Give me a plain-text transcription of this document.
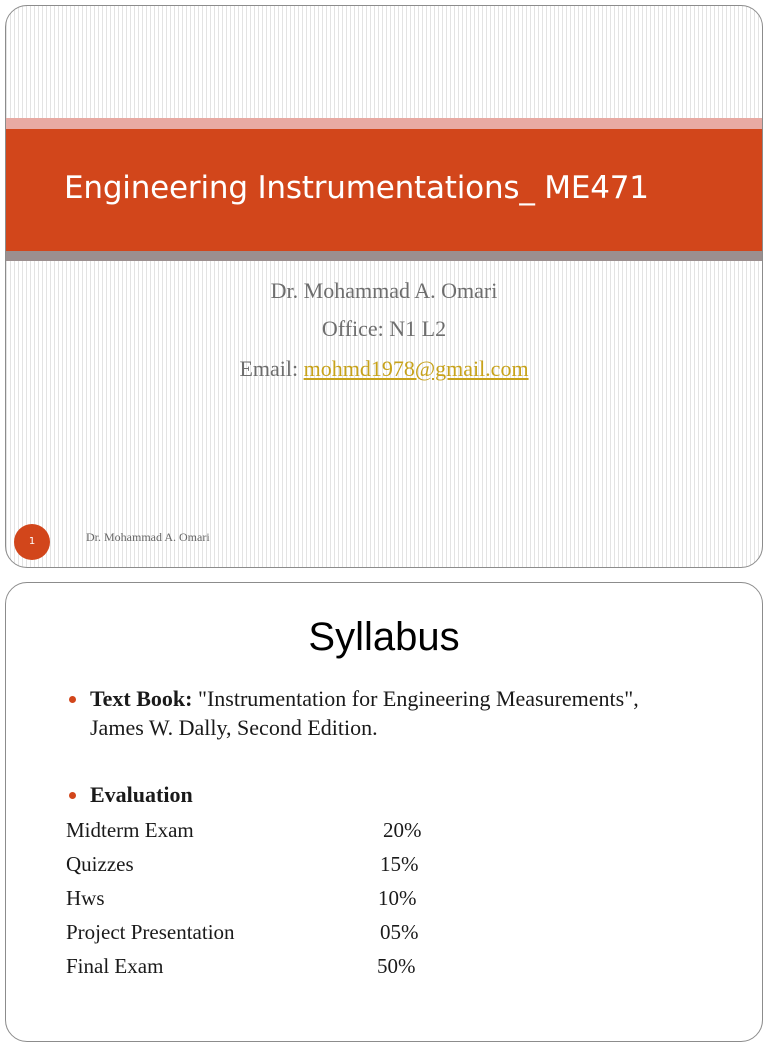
Engineering Instrumentations_ ME471
Dr. Mohammad A. Omari
Office: N1 L2
Email: mohmd1978@gmail.com
1	Dr. Mohammad A. Omari
Syllabus
Text Book: "Instrumentation for Engineering Measurements",
James W. Dally, Second Edition.
Evaluation
Midterm Exam	20%
Quizzes	15%
Hws	10%
Project Presentation	05%
Final Exam	50%
